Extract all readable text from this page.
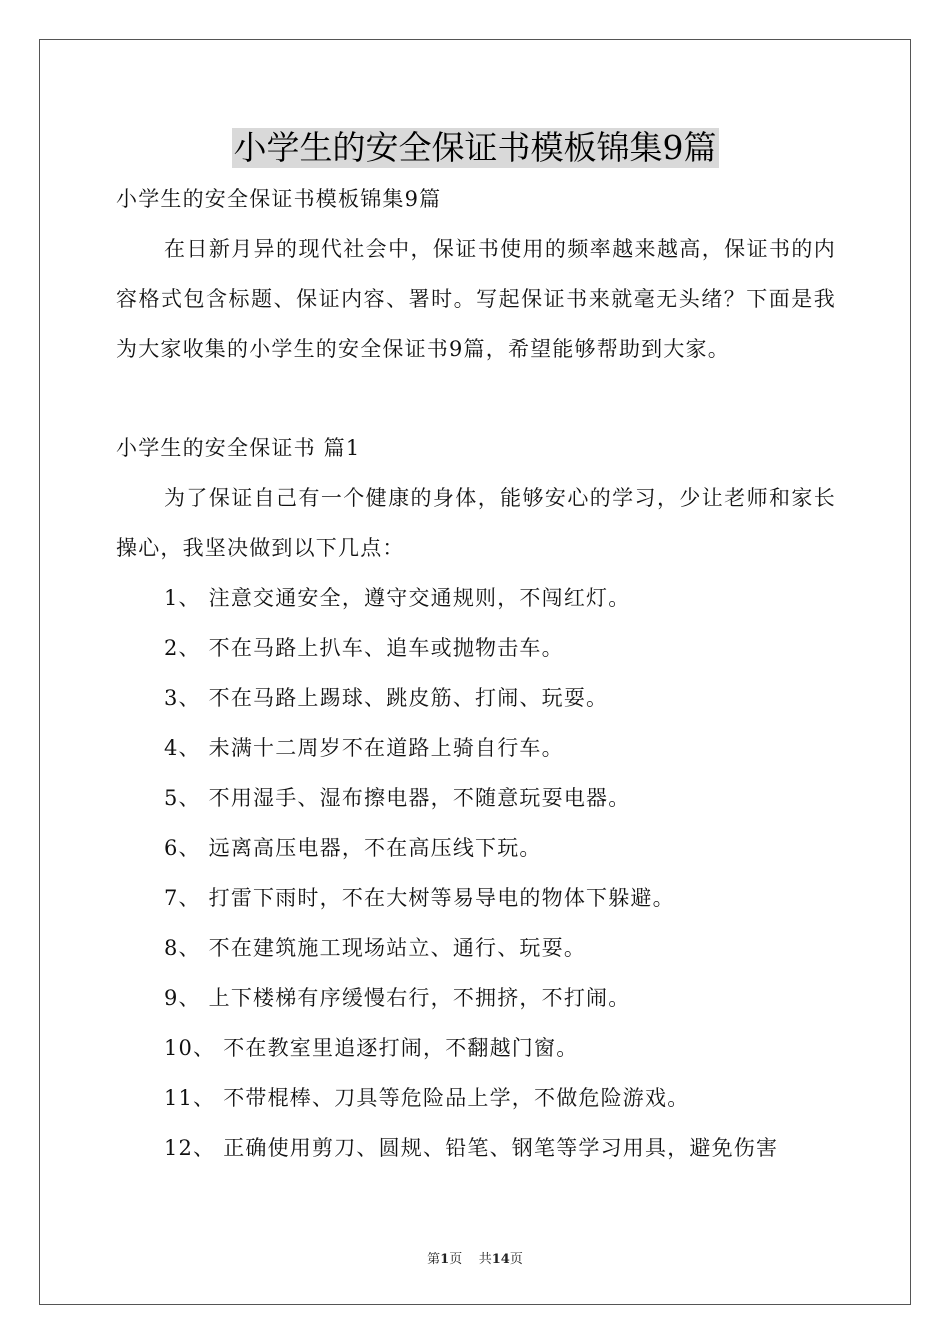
小学生的安全保证书模板锦集9篇
小学生的安全保证书模板锦集9篇
在日新月异的现代社会中，保证书使用的频率越来越高，保证书的内容格式包含标题、保证内容、署时。写起保证书来就毫无头绪？下面是我为大家收集的小学生的安全保证书9篇，希望能够帮助到大家。
小学生的安全保证书 篇1
为了保证自己有一个健康的身体，能够安心的学习，少让老师和家长操心，我坚决做到以下几点：
1、 注意交通安全，遵守交通规则，不闯红灯。
2、 不在马路上扒车、追车或抛物击车。
3、 不在马路上踢球、跳皮筋、打闹、玩耍。
4、 未满十二周岁不在道路上骑自行车。
5、 不用湿手、湿布擦电器，不随意玩耍电器。
6、 远离高压电器，不在高压线下玩。
7、 打雷下雨时，不在大树等易导电的物体下躲避。
8、 不在建筑施工现场站立、通行、玩耍。
9、 上下楼梯有序缓慢右行，不拥挤，不打闹。
10、 不在教室里追逐打闹，不翻越门窗。
11、 不带棍棒、刀具等危险品上学，不做危险游戏。
12、 正确使用剪刀、圆规、铅笔、钢笔等学习用具，避免伤害
第1页 共14页
